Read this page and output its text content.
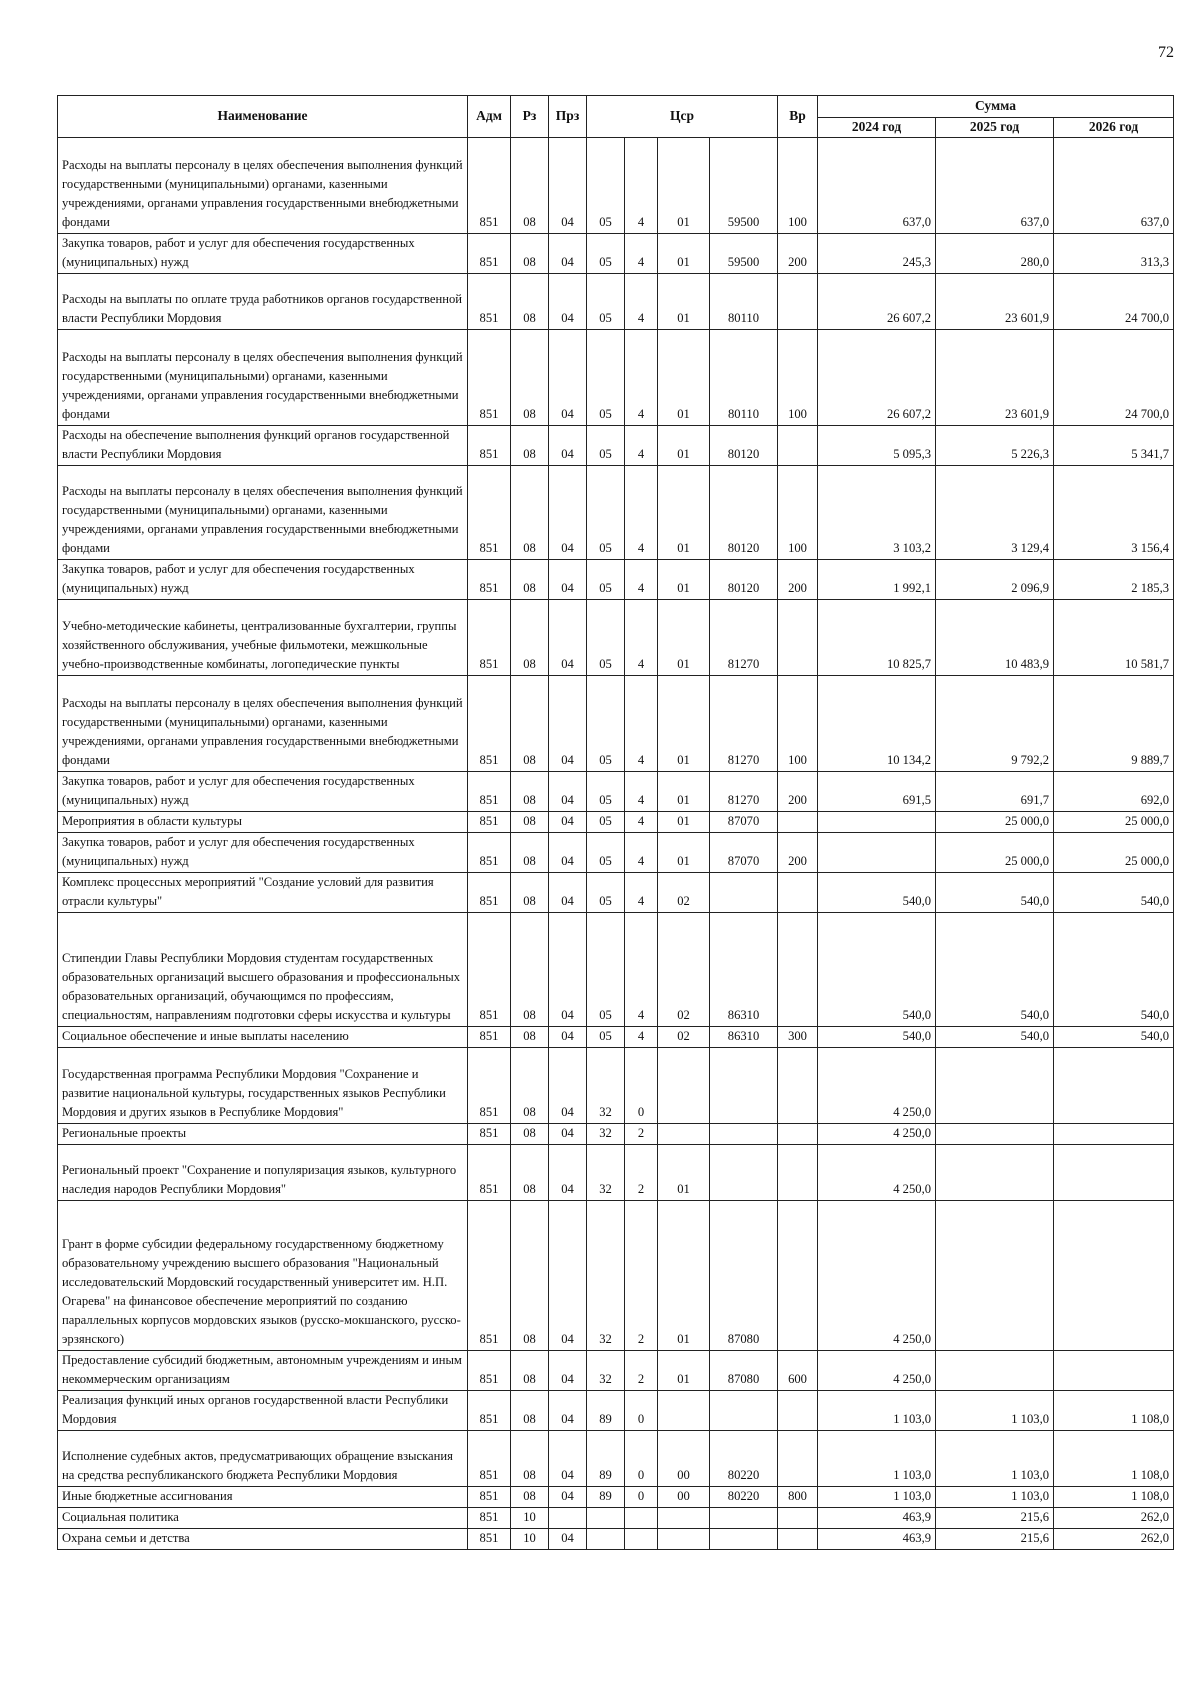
72
Наименование	Адм	Рз	Прз	Цср				Вр	Сумма		
									2024 год	2025 год	2026 год
Расходы на выплаты персоналу в целях обеспечения выполнения функций государственными (муниципальными) органами, казенными учреждениями, органами управления государственными внебюджетными фондами	851	08	04	05	4	01	59500	100	637,0	637,0	637,0
Закупка товаров, работ и услуг для обеспечения государственных (муниципальных) нужд	851	08	04	05	4	01	59500	200	245,3	280,0	313,3
Расходы на выплаты по оплате труда работников органов государственной власти Республики Мордовия	851	08	04	05	4	01	80110		26 607,2	23 601,9	24 700,0
Расходы на выплаты персоналу в целях обеспечения выполнения функций государственными (муниципальными) органами, казенными учреждениями, органами управления государственными внебюджетными фондами	851	08	04	05	4	01	80110	100	26 607,2	23 601,9	24 700,0
Расходы на обеспечение выполнения функций органов государственной власти Республики Мордовия	851	08	04	05	4	01	80120		5 095,3	5 226,3	5 341,7
Расходы на выплаты персоналу в целях обеспечения выполнения функций государственными (муниципальными) органами, казенными учреждениями, органами управления государственными внебюджетными фондами	851	08	04	05	4	01	80120	100	3 103,2	3 129,4	3 156,4
Закупка товаров, работ и услуг для обеспечения государственных (муниципальных) нужд	851	08	04	05	4	01	80120	200	1 992,1	2 096,9	2 185,3
Учебно-методические кабинеты, централизованные бухгалтерии, группы хозяйственного обслуживания, учебные фильмотеки, межшкольные учебно-производственные комбинаты, логопедические пункты	851	08	04	05	4	01	81270		10 825,7	10 483,9	10 581,7
Расходы на выплаты персоналу в целях обеспечения выполнения функций государственными (муниципальными) органами, казенными учреждениями, органами управления государственными внебюджетными фондами	851	08	04	05	4	01	81270	100	10 134,2	9 792,2	9 889,7
Закупка товаров, работ и услуг для обеспечения государственных (муниципальных) нужд	851	08	04	05	4	01	81270	200	691,5	691,7	692,0
Мероприятия в области культуры	851	08	04	05	4	01	87070			25 000,0	25 000,0
Закупка товаров, работ и услуг для обеспечения государственных (муниципальных) нужд	851	08	04	05	4	01	87070	200		25 000,0	25 000,0
Комплекс процессных мероприятий "Создание условий для развития отрасли культуры"	851	08	04	05	4	02			540,0	540,0	540,0
Стипендии Главы Республики Мордовия студентам государственных образовательных организаций высшего образования и профессиональных образовательных организаций, обучающимся по профессиям, специальностям, направлениям подготовки сферы искусства и культуры	851	08	04	05	4	02	86310		540,0	540,0	540,0
Социальное обеспечение и иные выплаты населению	851	08	04	05	4	02	86310	300	540,0	540,0	540,0
Государственная программа Республики Мордовия "Сохранение и развитие национальной культуры, государственных языков Республики Мордовия и других языков в Республике Мордовия"	851	08	04	32	0				4 250,0		
Региональные проекты	851	08	04	32	2				4 250,0		
Региональный проект "Сохранение и популяризация языков, культурного наследия народов Республики Мордовия"	851	08	04	32	2	01			4 250,0		
Грант в форме субсидии федеральному государственному бюджетному образовательному учреждению высшего образования "Национальный исследовательский Мордовский государственный университет им. Н.П. Огарева" на финансовое обеспечение мероприятий по созданию параллельных корпусов мордовских языков (русско-мокшанского, русско-эрзянского)	851	08	04	32	2	01	87080		4 250,0		
Предоставление субсидий бюджетным, автономным учреждениям и иным некоммерческим организациям	851	08	04	32	2	01	87080	600	4 250,0		
Реализация функций иных органов государственной власти Республики Мордовия	851	08	04	89	0				1 103,0	1 103,0	1 108,0
Исполнение судебных актов, предусматривающих обращение взыскания на средства республиканского бюджета Республики Мордовия	851	08	04	89	0	00	80220		1 103,0	1 103,0	1 108,0
Иные бюджетные ассигнования	851	08	04	89	0	00	80220	800	1 103,0	1 103,0	1 108,0
Социальная политика	851	10							463,9	215,6	262,0
Охрана семьи и детства	851	10	04						463,9	215,6	262,0
